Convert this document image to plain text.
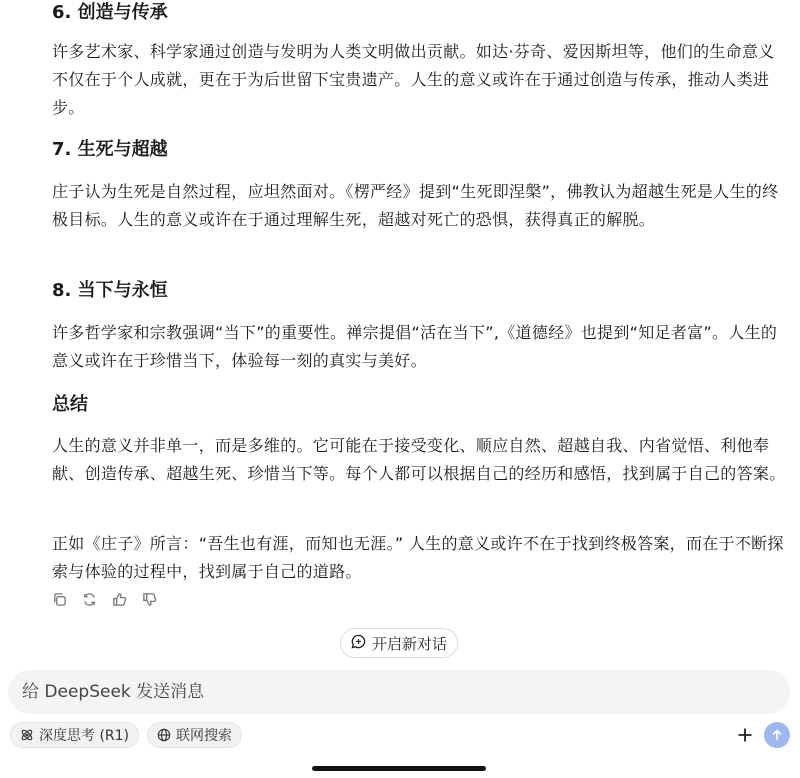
6. 创造与传承

许多艺术家、科学家通过创造与发明为人类文明做出贡献。如达·芬奇、爱因斯坦等，他们的生命意义不仅在于个人成就，更在于为后世留下宝贵遗产。人生的意义或许在于通过创造与传承，推动人类进步。

7. 生死与超越

庄子认为生死是自然过程，应坦然面对。《楞严经》提到“生死即涅槃”，佛教认为超越生死是人生的终极目标。人生的意义或许在于通过理解生死，超越对死亡的恐惧，获得真正的解脱。

8. 当下与永恒

许多哲学家和宗教强调“当下”的重要性。禅宗提倡“活在当下”,《道德经》也提到“知足者富”。人生的意义或许在于珍惜当下，体验每一刻的真实与美好。

总结

人生的意义并非单一，而是多维的。它可能在于接受变化、顺应自然、超越自我、内省觉悟、利他奉献、创造传承、超越生死、珍惜当下等。每个人都可以根据自己的经历和感悟，找到属于自己的答案。

正如《庄子》所言：“吾生也有涯，而知也无涯。” 人生的意义或许不在于找到终极答案，而在于不断探索与体验的过程中，找到属于自己的道路。

开启新对话
给 DeepSeek 发送消息
深度思考 (R1)	联网搜索
